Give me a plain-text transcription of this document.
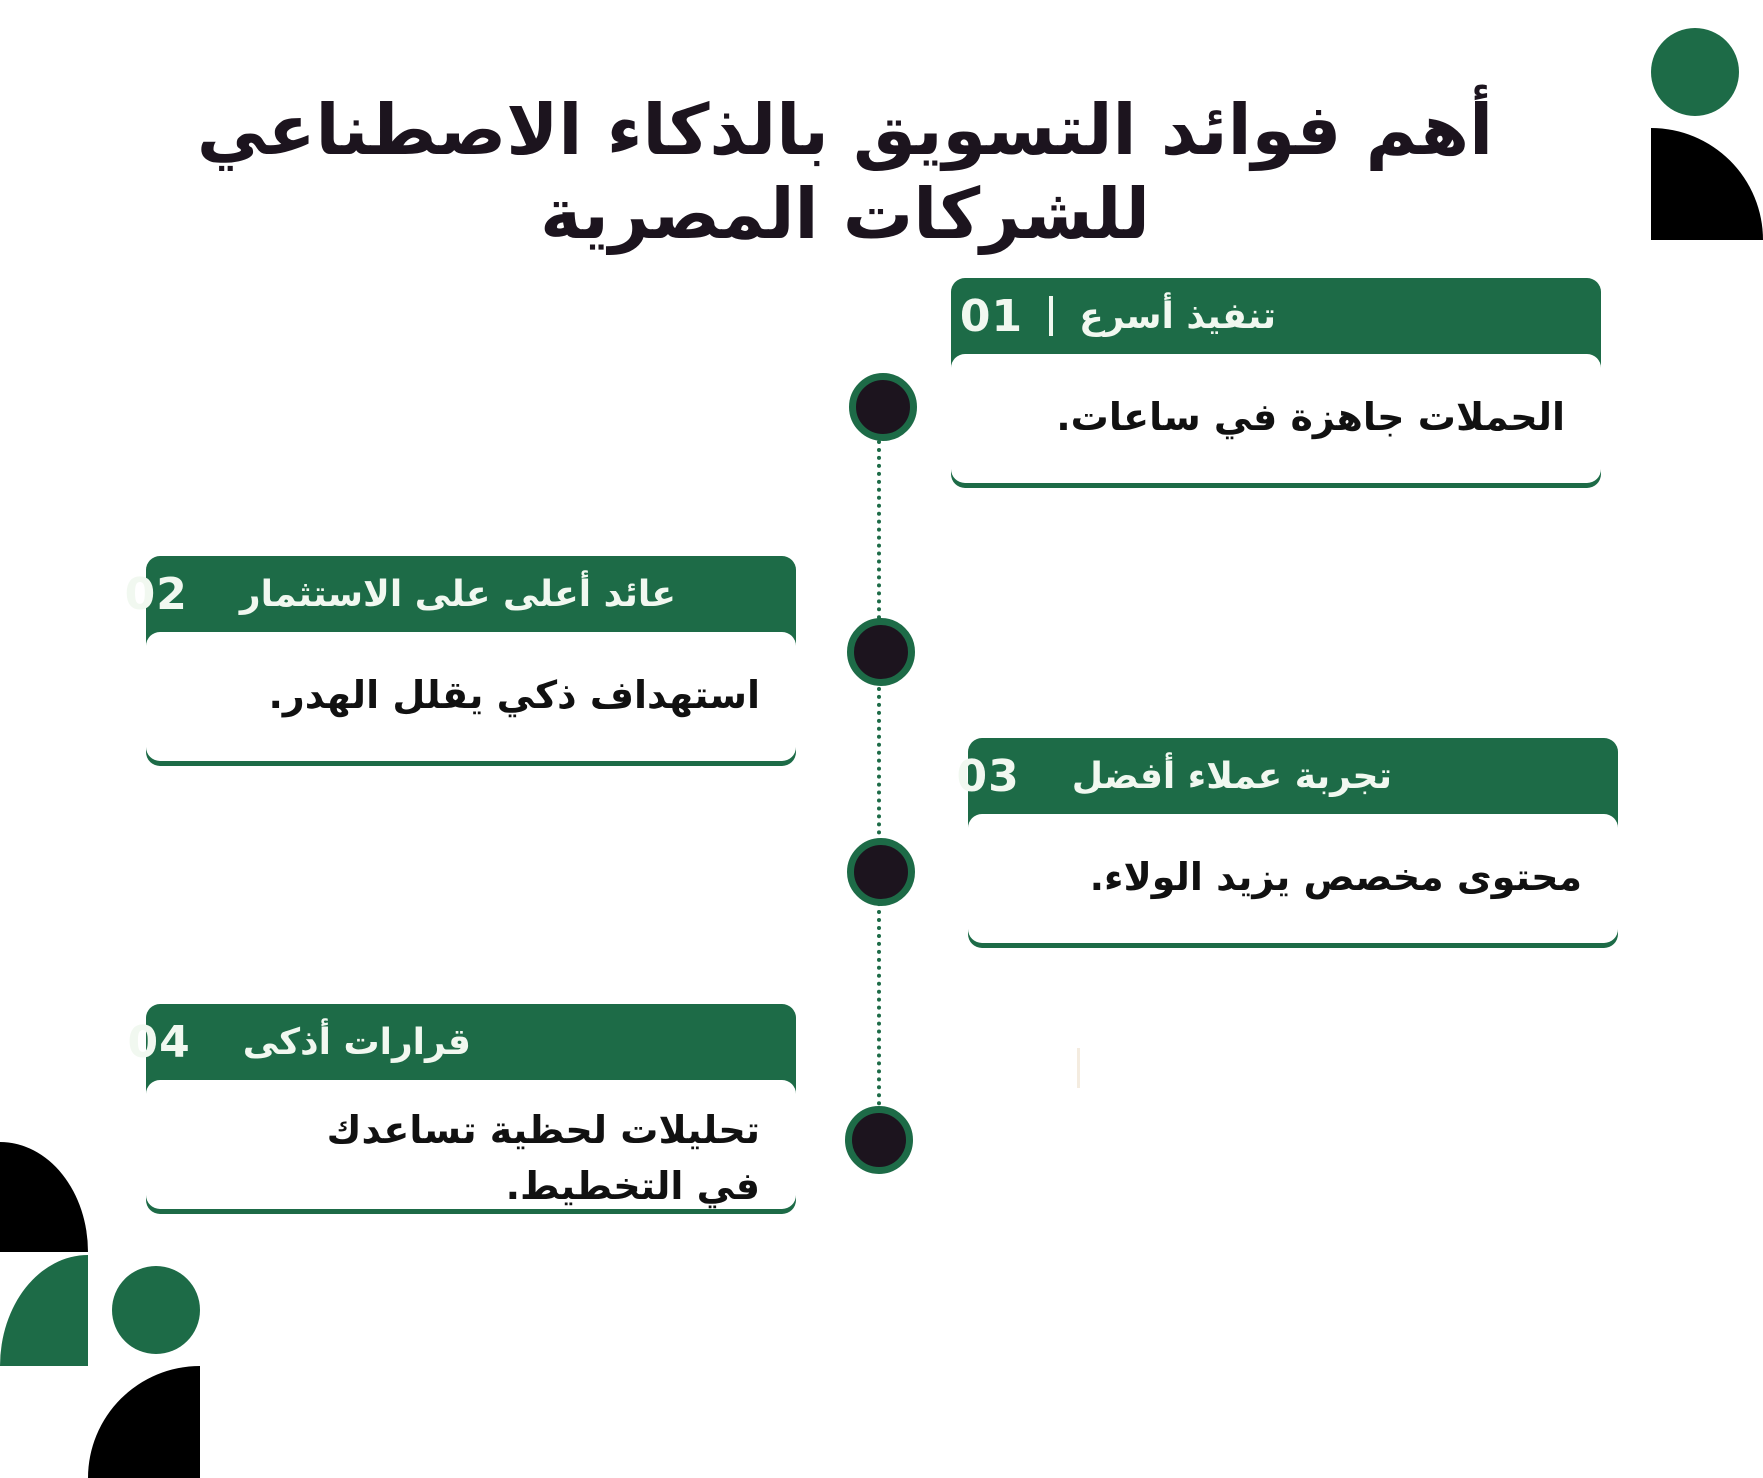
أهم فوائد التسويق بالذكاء الاصطناعي للشركات المصرية
تنفيذ أسرع
01
الحملات جاهزة في ساعات.
عائد أعلى على الاستثمار
02
استهداف ذكي يقلل الهدر.
تجربة عملاء أفضل
03
محتوى مخصص يزيد الولاء.
قرارات أذكى
04
تحليلات لحظية تساعدك في التخطيط.
